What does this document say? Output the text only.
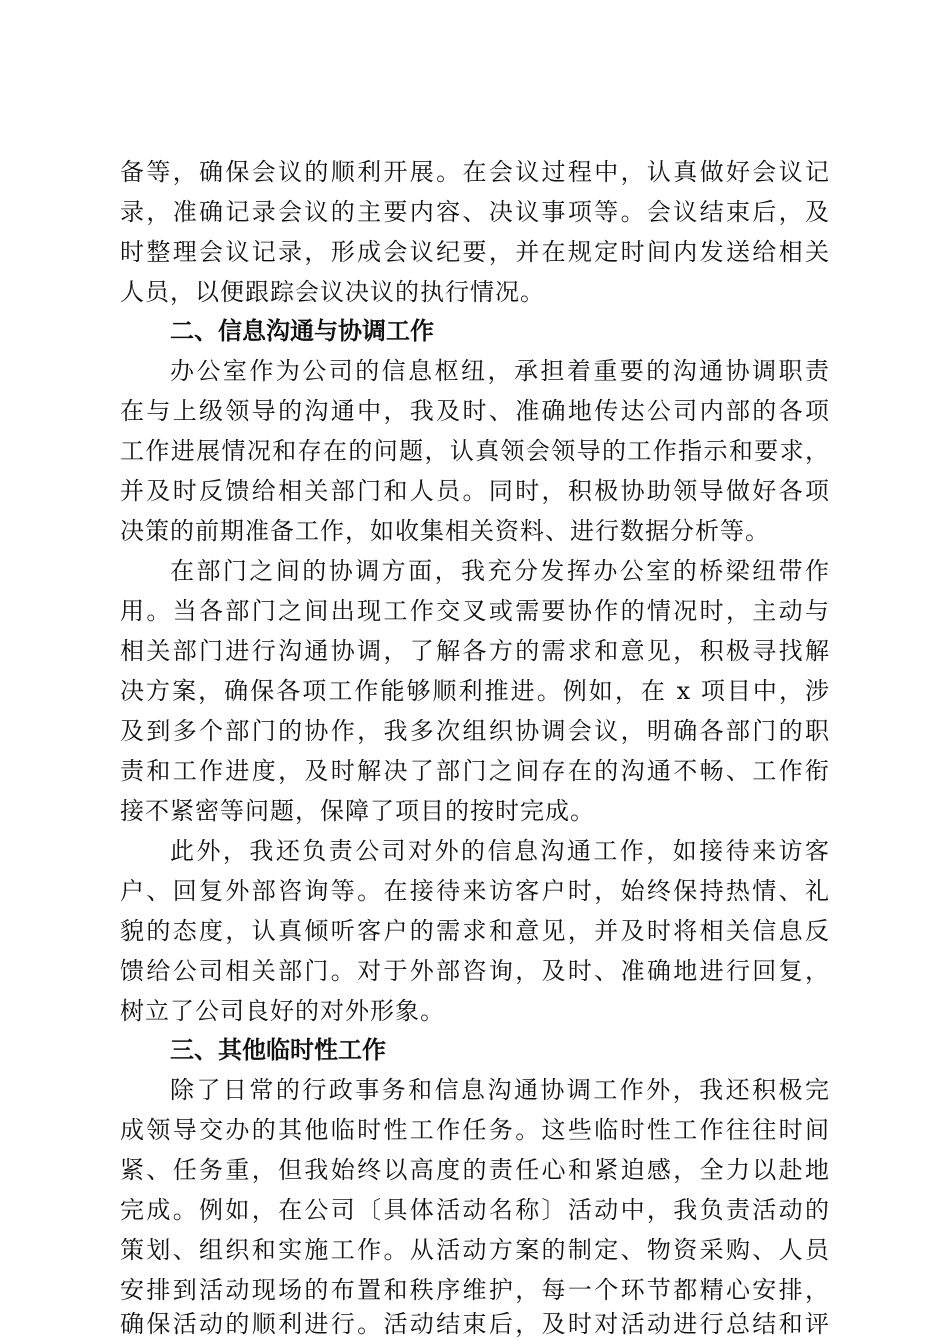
备等，确保会议的顺利开展。在会议过程中，认真做好会议记
录，准确记录会议的主要内容、决议事项等。会议结束后，及
时整理会议记录，形成会议纪要，并在规定时间内发送给相关
人员，以便跟踪会议决议的执行情况。
二、信息沟通与协调工作
办公室作为公司的信息枢纽，承担着重要的沟通协调职责
在与上级领导的沟通中，我及时、准确地传达公司内部的各项
工作进展情况和存在的问题，认真领会领导的工作指示和要求，
并及时反馈给相关部门和人员。同时，积极协助领导做好各项
决策的前期准备工作，如收集相关资料、进行数据分析等。
在部门之间的协调方面，我充分发挥办公室的桥梁纽带作
用。当各部门之间出现工作交叉或需要协作的情况时，主动与
相关部门进行沟通协调，了解各方的需求和意见，积极寻找解
决方案，确保各项工作能够顺利推进。例如，在 x 项目中，涉
及到多个部门的协作，我多次组织协调会议，明确各部门的职
责和工作进度，及时解决了部门之间存在的沟通不畅、工作衔
接不紧密等问题，保障了项目的按时完成。
此外，我还负责公司对外的信息沟通工作，如接待来访客
户、回复外部咨询等。在接待来访客户时，始终保持热情、礼
貌的态度，认真倾听客户的需求和意见，并及时将相关信息反
馈给公司相关部门。对于外部咨询，及时、准确地进行回复，
树立了公司良好的对外形象。
三、其他临时性工作
除了日常的行政事务和信息沟通协调工作外，我还积极完
成领导交办的其他临时性工作任务。这些临时性工作往往时间
紧、任务重，但我始终以高度的责任心和紧迫感，全力以赴地
完成。例如，在公司〔具体活动名称〕活动中，我负责活动的
策划、组织和实施工作。从活动方案的制定、物资采购、人员
安排到活动现场的布置和秩序维护，每一个环节都精心安排，
确保活动的顺利进行。活动结束后，及时对活动进行总结和评
